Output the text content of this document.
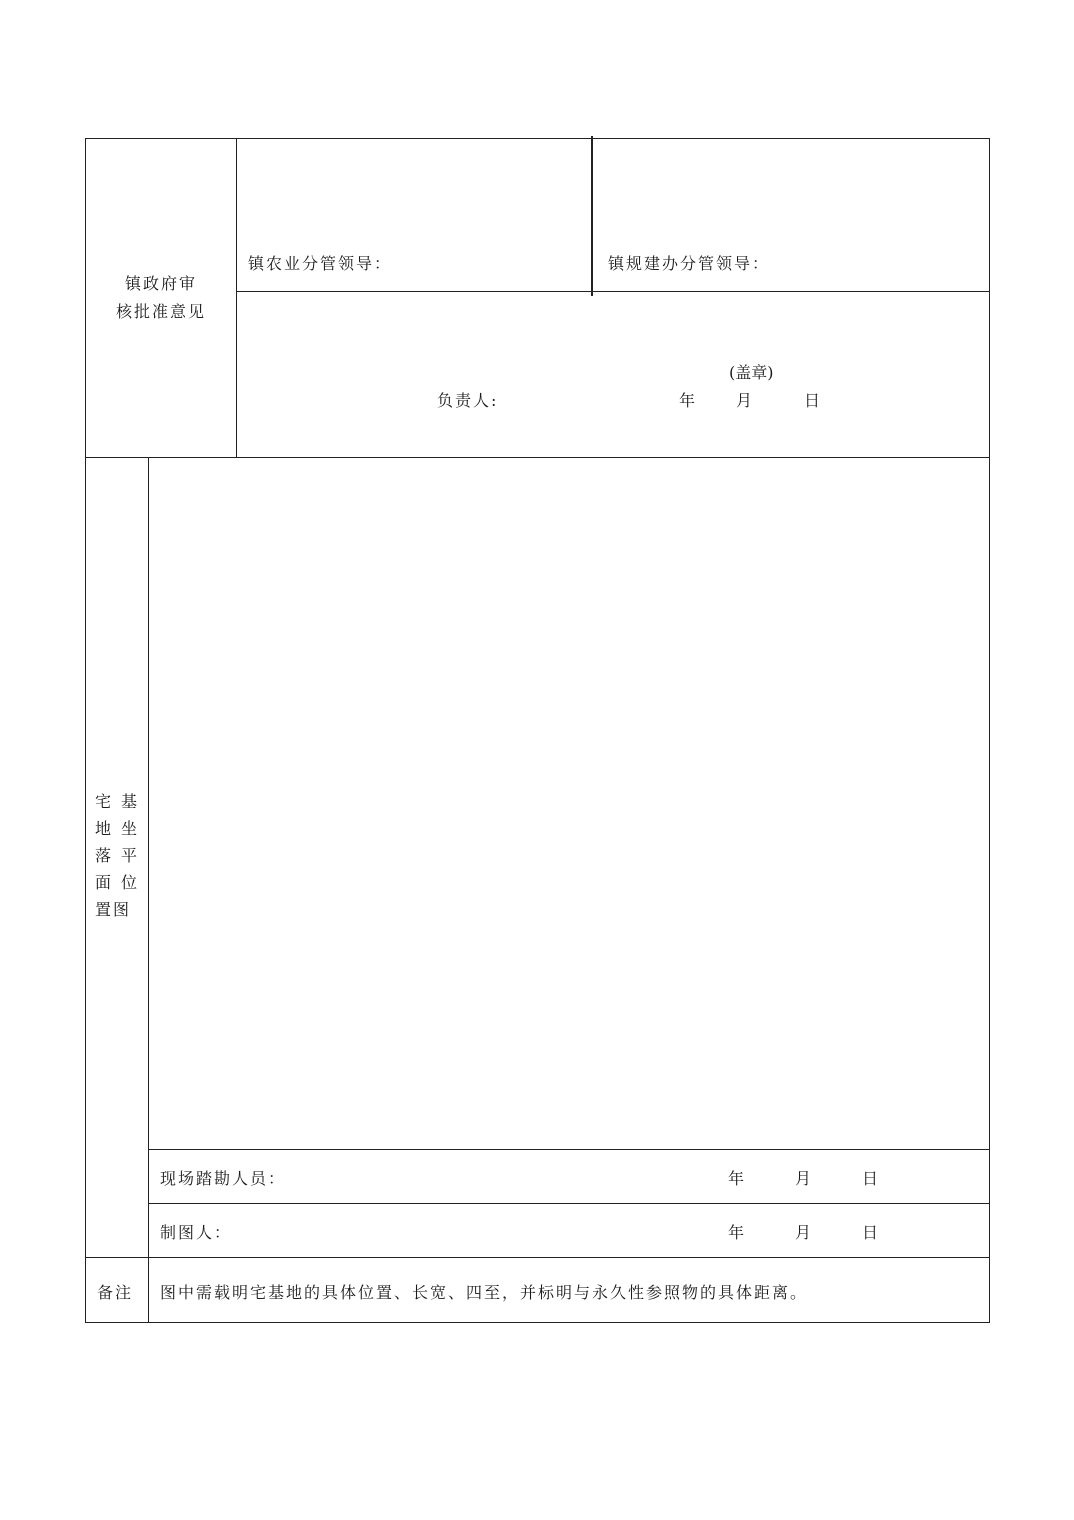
镇政府审
核批准意见
镇农业分管领导：	镇规建办分管领导：
(盖章)
负责人:	年 月	日
宅 基
地 坐
落 平
面 位
置图
现场踏勘人员：	年	月	日
制图人：	年	月	日
备注 图中需载明宅基地的具体位置、长宽、四至，并标明与永久性参照物的具体距离。
